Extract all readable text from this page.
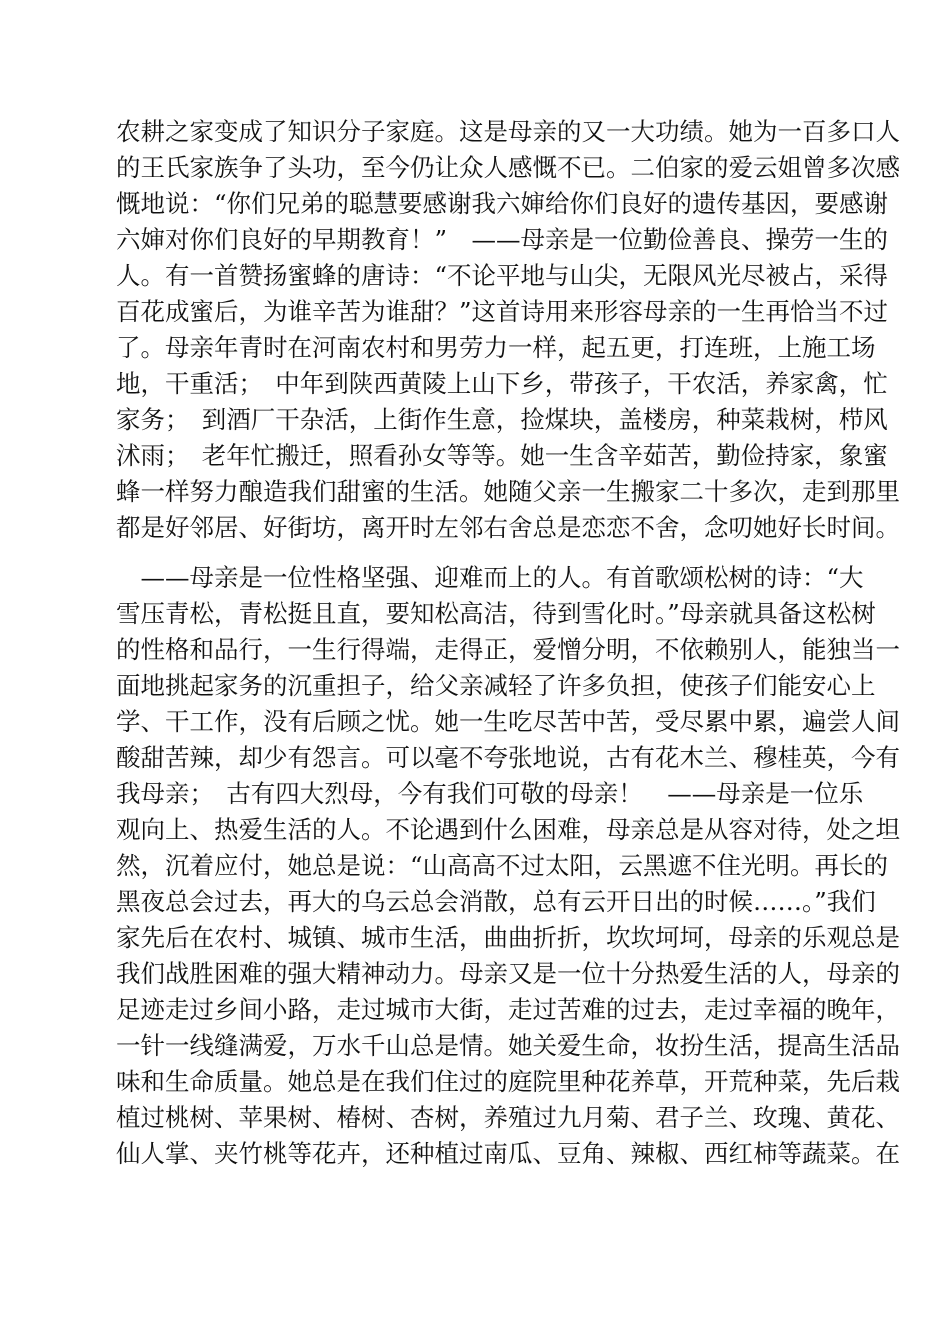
农耕之家变成了知识分子家庭。这是母亲的又一大功绩。她为一百多口人
的王氏家族争了头功，至今仍让众人感慨不已。二伯家的爱云姐曾多次感
慨地说：“你们兄弟的聪慧要感谢我六婶给你们良好的遗传基因，要感谢
六婶对你们良好的早期教育！”　——母亲是一位勤俭善良、操劳一生的
人。有一首赞扬蜜蜂的唐诗：“不论平地与山尖，无限风光尽被占，采得
百花成蜜后，为谁辛苦为谁甜？”这首诗用来形容母亲的一生再恰当不过
了。母亲年青时在河南农村和男劳力一样，起五更，打连班，上施工场
地，干重活；　中年到陕西黄陵上山下乡，带孩子，干农活，养家禽，忙
家务；　到酒厂干杂活，上街作生意，捡煤块，盖楼房，种菜栽树，栉风
沭雨；　老年忙搬迁，照看孙女等等。她一生含辛茹苦，勤俭持家，象蜜
蜂一样努力酿造我们甜蜜的生活。她随父亲一生搬家二十多次，走到那里
都是好邻居、好街坊，离开时左邻右舍总是恋恋不舍，念叨她好长时间。
　——母亲是一位性格坚强、迎难而上的人。有首歌颂松树的诗：“大
雪压青松，青松挺且直，要知松高洁，待到雪化时。”母亲就具备这松树
的性格和品行，一生行得端，走得正，爱憎分明，不依赖别人，能独当一
面地挑起家务的沉重担子，给父亲减轻了许多负担，使孩子们能安心上
学、干工作，没有后顾之忧。她一生吃尽苦中苦，受尽累中累，遍尝人间
酸甜苦辣，却少有怨言。可以毫不夸张地说，古有花木兰、穆桂英，今有
我母亲；　古有四大烈母，今有我们可敬的母亲！　——母亲是一位乐
观向上、热爱生活的人。不论遇到什么困难，母亲总是从容对待，处之坦
然，沉着应付，她总是说：“山高高不过太阳，云黑遮不住光明。再长的
黑夜总会过去，再大的乌云总会消散，总有云开日出的时候……。”我们
家先后在农村、城镇、城市生活，曲曲折折，坎坎坷坷，母亲的乐观总是
我们战胜困难的强大精神动力。母亲又是一位十分热爱生活的人，母亲的
足迹走过乡间小路，走过城市大街，走过苦难的过去，走过幸福的晚年，
一针一线缝满爱，万水千山总是情。她关爱生命，妆扮生活，提高生活品
味和生命质量。她总是在我们住过的庭院里种花养草，开荒种菜，先后栽
植过桃树、苹果树、椿树、杏树，养殖过九月菊、君子兰、玫瑰、黄花、
仙人掌、夹竹桃等花卉，还种植过南瓜、豆角、辣椒、西红柿等蔬菜。在
